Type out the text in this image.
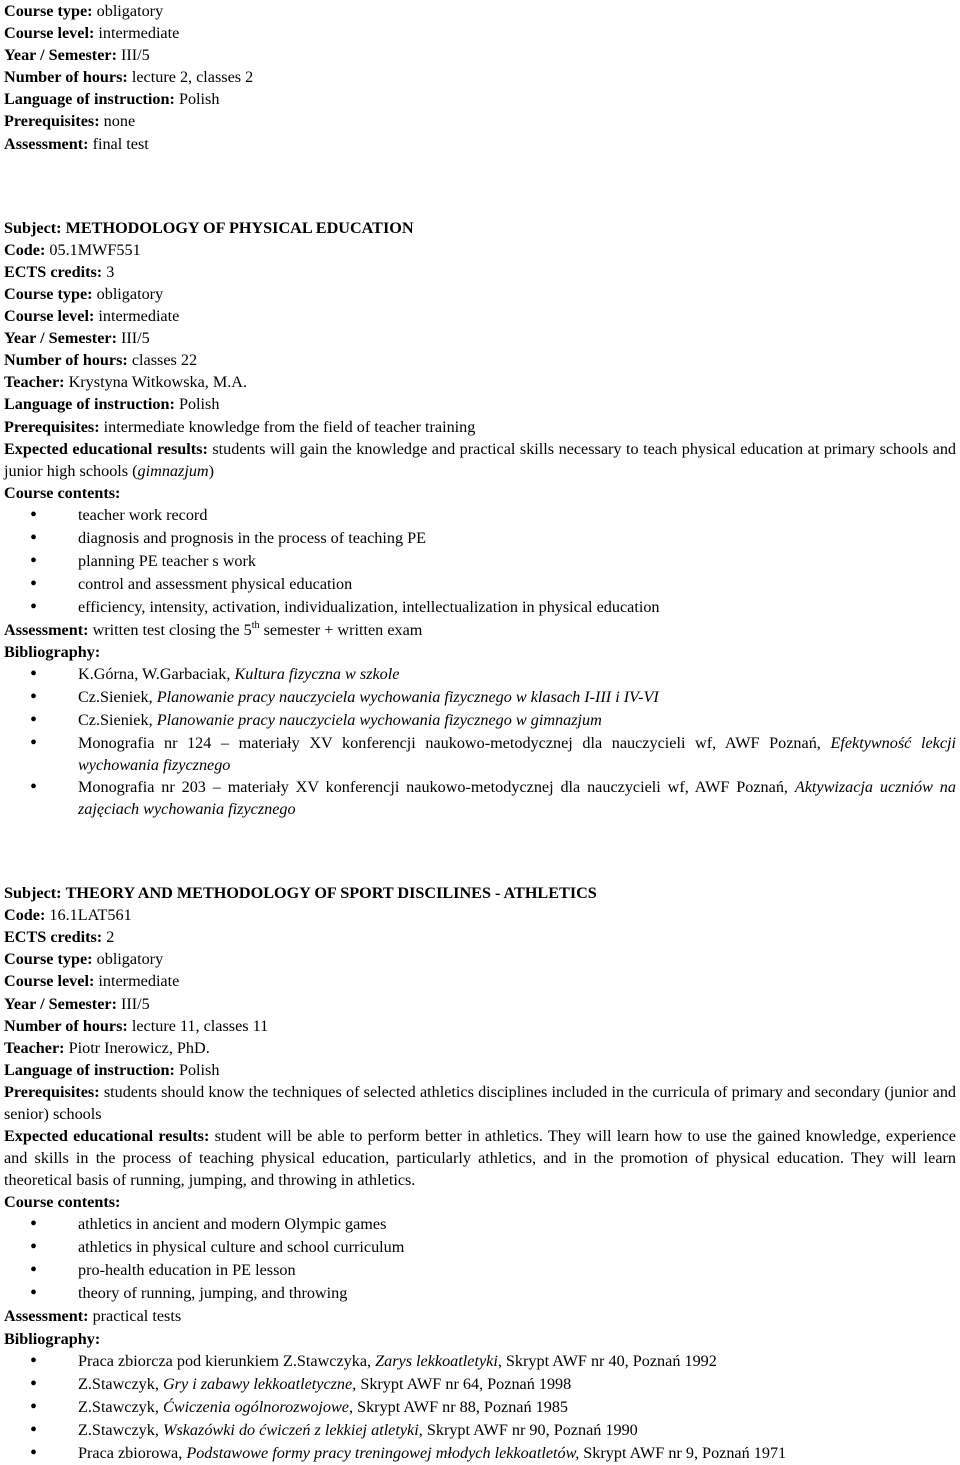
Course type: obligatory

Course level: intermediate

Year / Semester: III/5

Number of hours: lecture 2, classes 2

Language of instruction: Polish

Prerequisites: none

Assessment: final test

Subject: METHODOLOGY OF PHYSICAL EDUCATION

Code: 05.1MWF551

ECTS credits: 3

Course type: obligatory

Course level: intermediate

Year / Semester: III/5

Number of hours: classes 22

Teacher: Krystyna Witkowska, M.A.

Language of instruction: Polish

Prerequisites: intermediate knowledge from the field of teacher training

Expected educational results: students will gain the knowledge and practical skills necessary to teach physical education at primary schools and junior high schools (gimnazjum)

Course contents:

• teacher work record
• diagnosis and prognosis in the process of teaching PE
• planning PE teacher s work
• control and assessment physical education
• efficiency, intensity, activation, individualization, intellectualization in physical education

Assessment: written test closing the 5th semester + written exam

Bibliography:

• K.Górna, W.Garbaciak, Kultura fizyczna w szkole
• Cz.Sieniek, Planowanie pracy nauczyciela wychowania fizycznego w klasach I-III i IV-VI
• Cz.Sieniek, Planowanie pracy nauczyciela wychowania fizycznego w gimnazjum
• Monografia nr 124 – materiały XV konferencji naukowo-metodycznej dla nauczycieli wf, AWF Poznań, Efektywność lekcji wychowania fizycznego
• Monografia nr 203 – materiały XV konferencji naukowo-metodycznej dla nauczycieli wf, AWF Poznań, Aktywizacja uczniów na zajęciach wychowania fizycznego

Subject: THEORY AND METHODOLOGY OF SPORT DISCILINES - ATHLETICS

Code: 16.1LAT561

ECTS credits: 2

Course type: obligatory

Course level: intermediate

Year / Semester: III/5

Number of hours: lecture 11, classes 11

Teacher: Piotr Inerowicz, PhD.

Language of instruction: Polish

Prerequisites: students should know the techniques of selected athletics disciplines included in the curricula of primary and secondary (junior and senior) schools

Expected educational results: student will be able to perform better in athletics. They will learn how to use the gained knowledge, experience and skills in the process of teaching physical education, particularly athletics, and in the promotion of physical education. They will learn theoretical basis of running, jumping, and throwing in athletics.

Course contents:

• athletics in ancient and modern Olympic games
• athletics in physical culture and school curriculum
• pro-health education in PE lesson
• theory of running, jumping, and throwing

Assessment: practical tests

Bibliography:

• Praca zbiorcza pod kierunkiem Z.Stawczyka, Zarys lekkoatletyki, Skrypt AWF nr 40, Poznań 1992
• Z.Stawczyk, Gry i zabawy lekkoatletyczne, Skrypt AWF nr 64, Poznań 1998
• Z.Stawczyk, Ćwiczenia ogólnorozwojowe, Skrypt AWF nr 88, Poznań 1985
• Z.Stawczyk, Wskazówki do ćwiczeń z lekkiej atletyki, Skrypt AWF nr 90, Poznań 1990
• Praca zbiorowa, Podstawowe formy pracy treningowej młodych lekkoatletów, Skrypt AWF nr 9, Poznań 1971
